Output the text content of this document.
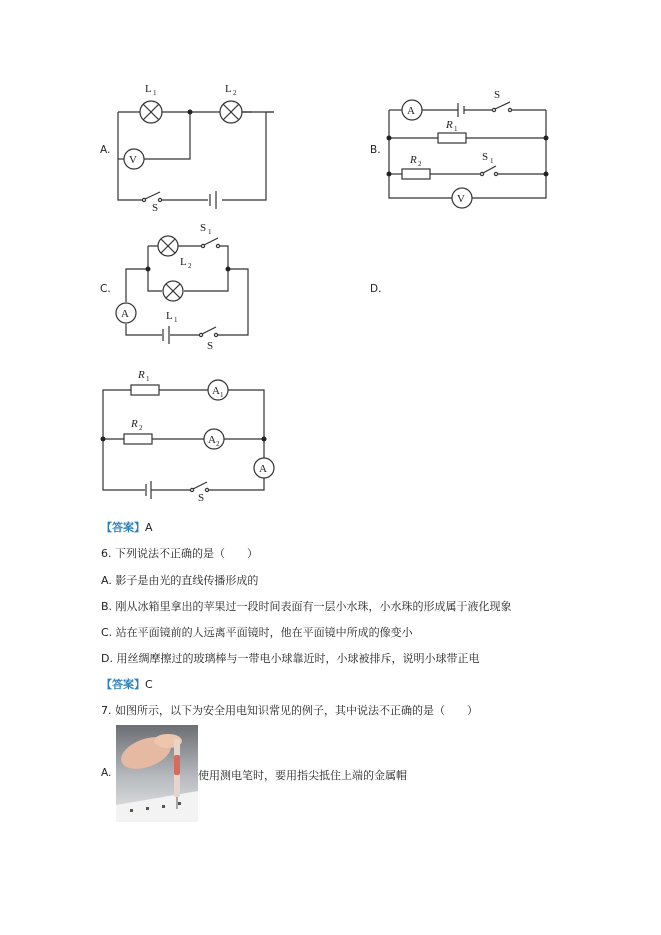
A.
V
L 1	L 2
S
B.
A
S
R 1
R 2
S 1
V
C.
S 1
L 2
L 1
A
S
D.
R 1
A 1
R 2
A 2
A
S
【答案】A
6. 下列说法不正确的是（　　）
A. 影子是由光的直线传播形成的
B. 刚从冰箱里拿出的苹果过一段时间表面有一层小水珠，小水珠的形成属于液化现象
C. 站在平面镜前的人远离平面镜时，他在平面镜中所成的像变小
D. 用丝绸摩擦过的玻璃棒与一带电小球靠近时，小球被排斥，说明小球带正电
【答案】C
7. 如图所示，以下为安全用电知识常见的例子，其中说法不正确的是（　　）
A.	使用测电笔时，要用指尖抵住上端的金属帽
